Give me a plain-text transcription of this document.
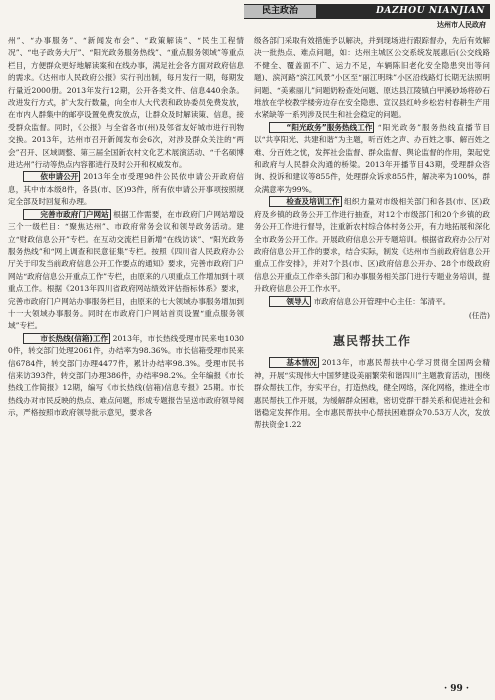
民主政治	DAZHOU NIANJIAN
达州市人民政府

州”、“办事服务”、“新闻发布会”、“政策解读”、“民生工程情况”、“电子政务大厅”、“阳光政务服务热线”、“重点服务领域”等重点栏目，方便群众更好地解读案和在线办事，满足社会各方面对政府信息的需求。《达州市人民政府公报》实行刊出制，每月发行一期，每期发行量近2000册。2013年发行12期，公开各类文件、信息440余条。改进发行方式，扩大发行数量，向全市人大代表和政协委员免费发放，在市内人群集中的邮亭设置免费发放点，让群众及时解读策、信息，接受群众监督。同时，《公报》与全省各市(州)及邻省友好城市进行刊物交换。2013年，达州市召开新闻发布会6次，对涉及群众关注的“两会”召开、区域调整、第三届全国新农村文化艺术展演活动、“千名硕博进达州”行动等热点内容都进行及时公开和权威发布。

依申请公开 2013年全市受理98件公民依申请公开政府信息，其中市本级8件，各县(市、区)93件，所有依申请公开事项按照规定全部及时回复和办理。

完善市政府门户网站 根据工作需要，在市政府门户网站增设三个一级栏目：“聚焦达州”、市政府常务会议和领导政务活动。建立“财政信息公开”专栏。在互动交流栏目新增“在线访谈”、“阳光政务服务热线”和“网上调查和民意征集”专栏。按照《四川省人民政府办公厅关于印发当前政府信息公开工作要点的通知》要求，完善市政府门户网站“政府信息公开重点工作”专栏，由原来的八项重点工作增加到十项重点工作。根据《2013年四川省政府网站绩效评估指标体系》要求，完善市政府门户网站办事服务栏目，由原来的七大领域办事服务增加到十一大领域办事服务。同时在市政府门户网站首页设置“重点服务领域”专栏。

市长热线(信箱)工作 2013年，市长热线受理市民来电10300件，转交部门处理2061件，办结率为98.36%。市长信箱受理市民来信6784件，转交部门办理4477件，累计办结率98.3%。受理市民书信来访393件，转交部门办理386件，办结率98.2%。全年编报《市长热线工作简报》12期，编写《市长热线(信箱)信息专报》25期。市长热线办对市民反映的热点、难点问题，形成专题报告呈送市政府领导阅示，严格按照市政府领导批示意见，要求各

级各部门采取有效措施予以解决，并到现场进行跟踪督办，先后有效解决一批热点、难点问题，如：达州主城区公交系统发展惠后(公交线路不健全、覆盖面不广、运力不足，车辆陈旧老化安全隐患突出等问题)、滨河路“滨江风景”小区至“丽江明珠”小区沿线路灯长期无法照明问题、“美素丽儿”问题奶粉查处问题、原达县江陵镇白甲溪砂场将砂石堆放在学校教学楼旁边存在安全隐患、宣汉县红岭乡松岩村春耕生产用水紧缺等一系列涉及民生和社会稳定的问题。

“阳光政务”服务热线工作 “阳光政务”服务热线直播节目以“共享阳光、共建和谐”为主题，听百姓之声、办百姓之事、解百姓之难、分百姓之忧，发挥社会监督、群众监督、舆论监督的作用，架起党和政府与人民群众沟通的桥梁。2013年开播节目43期，受理群众咨询、投诉和建议等855件，处理群众诉求855件，解决率为100%，群众满意率为99%。

检查及培训工作 组织力量对市级相关部门和各县(市、区)政府及乡镇的政务公开工作进行抽查，对12个市级部门和20个乡镇的政务公开工作进行督导，注重新农村综合体村务公开，有力地拓展和深化全市政务公开工作。开展政府信息公开专题培训。根据省政府办公厅对政府信息公开工作的要求，结合实际，制发《达州市当前政府信息公开重点工作安排》，并对7个县(市、区)政府信息公开办、28个市级政府信息公开重点工作牵头部门和办事服务相关部门进行专题业务培训，提升政府信息公开工作水平。

领导人 市政府信息公开管理中心主任：邹清平。

(任浩)

惠民帮扶工作

基本情况 2013年，市惠民帮扶中心学习贯彻全国两会精神，开展“实现伟大中国梦建设美丽繁荣和谐四川”主题教育活动，围绕群众帮扶工作，夯实平台，打造热线，健全网络，深化网格，推进全市惠民帮扶工作开展，为缓解群众困难，密切党群干群关系和促进社会和谐稳定发挥作用。全市惠民帮扶中心帮扶困难群众70.53万人次，发放帮扶资金1.22

· 99 ·
